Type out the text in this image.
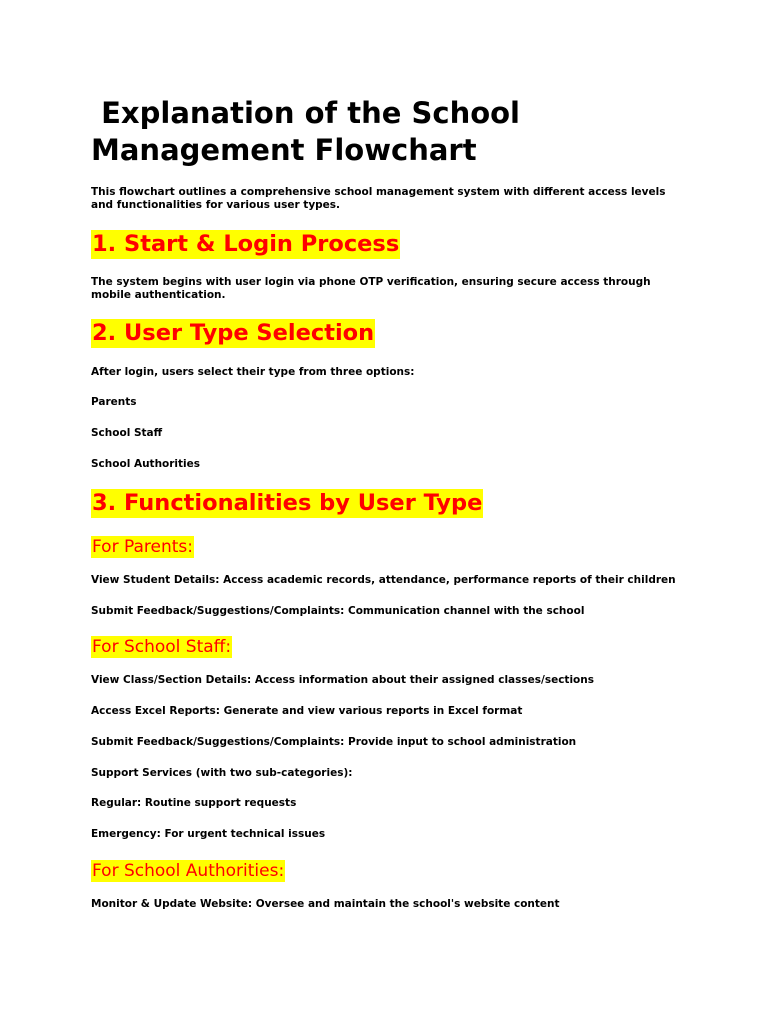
Explanation of the School Management Flowchart

This flowchart outlines a comprehensive school management system with different access levels and functionalities for various user types.

1. Start & Login Process

The system begins with user login via phone OTP verification, ensuring secure access through mobile authentication.

2. User Type Selection

After login, users select their type from three options:

Parents

School Staff

School Authorities

3. Functionalities by User Type
For Parents:

View Student Details: Access academic records, attendance, performance reports of their children

Submit Feedback/Suggestions/Complaints: Communication channel with the school

For School Staff:

View Class/Section Details: Access information about their assigned classes/sections

Access Excel Reports: Generate and view various reports in Excel format

Submit Feedback/Suggestions/Complaints: Provide input to school administration

Support Services (with two sub-categories):

Regular: Routine support requests

Emergency: For urgent technical issues

For School Authorities:

Monitor & Update Website: Oversee and maintain the school's website content
